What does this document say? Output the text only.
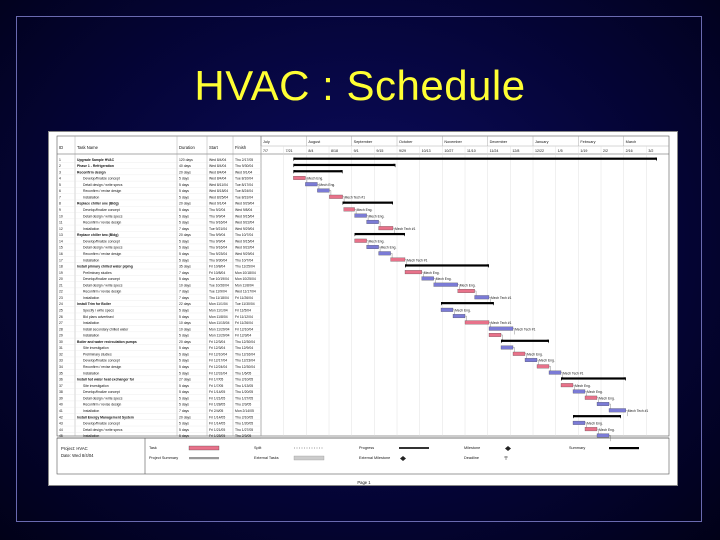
HVAC : Schedule
ID	Task Name	Duration	Start	Finish
July	August	September	October	November	December	January	February	March
7/7	7/21	8/4	8/18	9/1	9/15	9/29	10/13	10/27	11/10	11/24	12/8	12/22	1/5	1/19	2/2	2/16	3/2
1	Upgrade Sample HVAC	120 days	Wed 8/4/04	Thu 2/17/05
2	Phase 1 - Refrigeration	40 days	Wed 8/4/04	Thu 9/30/04
3	Reconfirm design	20 days	Wed 8/4/04	Wed 9/1/04
4	Develop/finalize concept	5 days	Wed 8/4/04	Tue 8/10/04	Mech Eng.
5	Detail design / write specs	5 days	Wed 8/11/04 Tue 8/17/04	Mech Eng.
6	Reconfirm / revise design	5 days	Wed 8/18/04 Tue 8/24/04
7	Installation	5 days	Wed 8/25/04 Tue 8/31/04	Mech Tech #1
8	Replace chiller one (Bldg)	20 days	Wed 9/1/04	Wed 9/29/04
9	Develop/finalize concept	5 days	Thu 9/2/04	Wed 9/8/04	Mech Eng.
10	Detail design / write specs	5 days	Thu 9/9/04	Wed 9/15/04	Mech Eng.
11	Reconfirm / revise design	5 days	Thu 9/16/04 Wed 9/22/04
12	Installation	7 days	Tue 9/21/04 Wed 9/29/04	Mech Tech #1
13	Replace chiller two (Bldg)	20 days	Thu 9/9/04	Thu 10/7/04
14	Develop/finalize concept	5 days	Thu 9/9/04	Wed 9/15/04	Mech Eng.
15	Detail design / write specs	5 days	Thu 9/16/04 Wed 9/22/04	Mech Eng.
16	Reconfirm / revise design	5 days	Thu 9/23/04 Wed 9/29/04
17	Installation	5 days	Thu 9/30/04 Thu 10/7/04	Mech Tech #1
18	Install primary chilled water piping	35 days	Fri 10/8/04	Thu 11/25/04
19	Preliminary studies	7 days	Fri 10/8/04	Mon 10/18/04	Mech Eng.
20	Develop/finalize concept	5 days	Tue 10/19/04 Mon 10/25/04	Mech Eng.
21	Detail design / write specs	10 days	Tue 10/26/04 Mon 11/8/04	Mech Eng.
22	Reconfirm / revise design	7 days	Tue 11/9/04 Wed 11/17/04
23	Installation	7 days	Thu 11/18/04 Fri 11/26/04	Mech Tech #1
24	Install Trim for Boiler	22 days	Mon 11/1/04 Tue 11/30/04
25	Specify / write specs	5 days	Mon 11/1/04 Fri 11/5/04	Mech Eng.
26	Bid plans advertised	5 days	Mon 11/8/04 Fri 11/12/04
27	Installation	10 days	Mon 11/15/04 Fri 11/26/04	Mech Tech #1
28	Install secondary chilled water	10 days	Mon 11/29/04 Fri 12/10/04	Mech Tech #1
29	Installation	5 days	Mon 11/29/04 Fri 12/3/04
30	Boiler and water recirculation pumps	20 days	Fri 12/3/04	Thu 12/30/04
31	Site investigation	5 days	Fri 12/3/04	Thu 12/9/04
32	Preliminary studies	5 days	Fri 12/10/04 Thu 12/16/04	Mech Eng.
33	Develop/finalize concept	5 days	Fri 12/17/04 Thu 12/23/04	Mech Eng.
34	Reconfirm / revise design	5 days	Fri 12/24/04 Thu 12/30/04
35	Installation	5 days	Fri 12/31/04 Thu 1/6/05	Mech Tech #1
36	Install hot water heat exchanger for	27 days	Fri 1/7/05	Thu 2/10/05
37	Site investigation	5 days	Fri 1/7/05	Thu 1/13/05	Mech Eng.
38	Develop/finalize concept	5 days	Fri 1/14/05	Thu 1/20/05	Mech Eng.
39	Detail design / write specs	5 days	Fri 1/21/05	Thu 1/27/05	Mech Eng.
40	Reconfirm / revise design	5 days	Fri 1/28/05	Thu 2/3/05
41	Installation	7 days	Fri 2/4/05	Mon 2/14/05	Mech Tech #1
42	Install Energy Management System	20 days	Fri 1/14/05	Thu 2/10/05
43	Develop/finalize concept	5 days	Fri 1/14/05	Thu 1/20/05	Mech Eng.
44	Detail design / write specs	5 days	Fri 1/21/05	Thu 1/27/05	Mech Eng.
45	Installation	5 days	Fri 1/28/05	Thu 2/3/05
Project: HVAC
Date: Wed 8/4/04
Task	Split	Progress	Milestone	Summary
Project Summary	External Tasks	External Milestone	Deadline
Page 1
